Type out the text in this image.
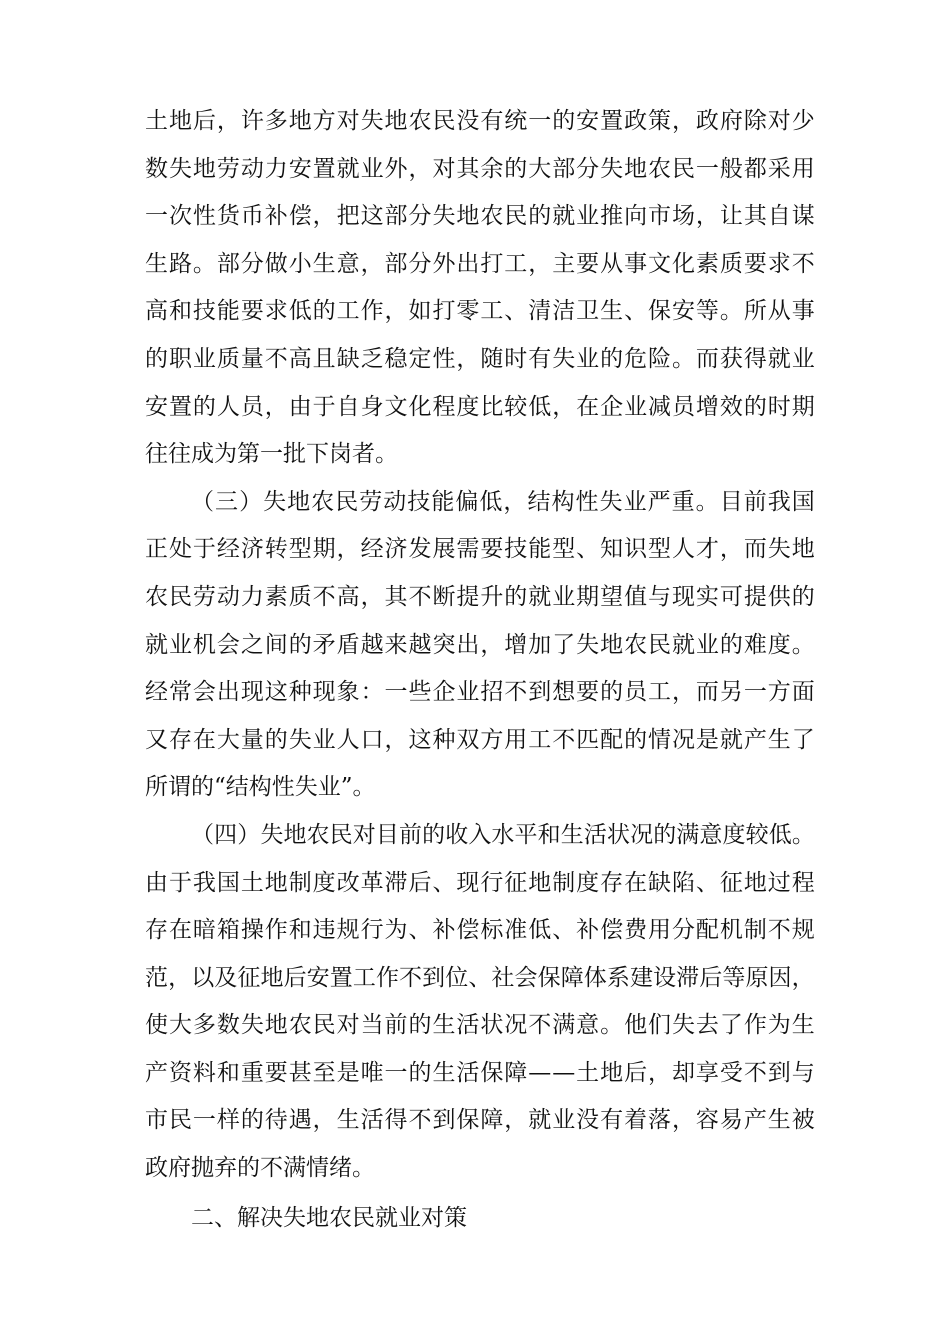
土 地 后 ， 许 多 地 方 对 失 地 农 民 没 有 统 一 的 安 置 政 策 ， 政 府 除 对 少
数 失 地 劳 动 力 安 置 就 业 外 ， 对 其 余 的 大 部 分 失 地 农 民 一 般 都 采 用
一 次 性 货 币 补 偿 ， 把 这 部 分 失 地 农 民 的 就 业 推 向 市 场 ， 让 其 自 谋
生 路 。 部 分 做 小 生 意 ， 部 分 外 出 打 工 ， 主 要 从 事 文 化 素 质 要 求 不
高 和 技 能 要 求 低 的 工 作 ， 如 打 零 工 、 清 洁 卫 生 、 保 安 等 。 所 从 事
的 职 业 质 量 不 高 且 缺 乏 稳 定 性 ， 随 时 有 失 业 的 危 险 。 而 获 得 就 业
安 置 的 人 员 ， 由 于 自 身 文 化 程 度 比 较 低 ， 在 企 业 减 员 增 效 的 时 期
往往成为第一批下岗者。
（ 三 ） 失 地 农 民 劳 动 技 能 偏 低 ， 结 构 性 失 业 严 重 。 目 前 我 国
正 处 于 经 济 转 型 期 ， 经 济 发 展 需 要 技 能 型 、 知 识 型 人 才 ， 而 失 地
农 民 劳 动 力 素 质 不 高 ， 其 不 断 提 升 的 就 业 期 望 值 与 现 实 可 提 供 的
就 业 机 会 之 间 的 矛 盾 越 来 越 突 出 ， 增 加 了 失 地 农 民 就 业 的 难 度 。
经 常 会 出 现 这 种 现 象 ： 一 些 企 业 招 不 到 想 要 的 员 工 ， 而 另 一 方 面
又 存 在 大 量 的 失 业 人 口 ， 这 种 双 方 用 工 不 匹 配 的 情 况 是 就 产 生 了
所谓的“结构性失业”。
（ 四 ） 失 地 农 民 对 目 前 的 收 入 水 平 和 生 活 状 况 的 满 意 度 较 低 。
由 于 我 国 土 地 制 度 改 革 滞 后 、 现 行 征 地 制 度 存 在 缺 陷 、 征 地 过 程
存 在 暗 箱 操 作 和 违 规 行 为 、 补 偿 标 准 低 、 补 偿 费 用 分 配 机 制 不 规
范 ， 以 及 征 地 后 安 置 工 作 不 到 位 、 社 会 保 障 体 系 建 设 滞 后 等 原 因 ，
使 大 多 数 失 地 农 民 对 当 前 的 生 活 状 况 不 满 意 。 他 们 失 去 了 作 为 生
产 资 料 和 重 要 甚 至 是 唯 一 的 生 活 保 障 — — 土 地 后 ， 却 享 受 不 到 与
市 民 一 样 的 待 遇 ， 生 活 得 不 到 保 障 ， 就 业 没 有 着 落 ， 容 易 产 生 被
政府抛弃的不满情绪。
二、解决失地农民就业对策
